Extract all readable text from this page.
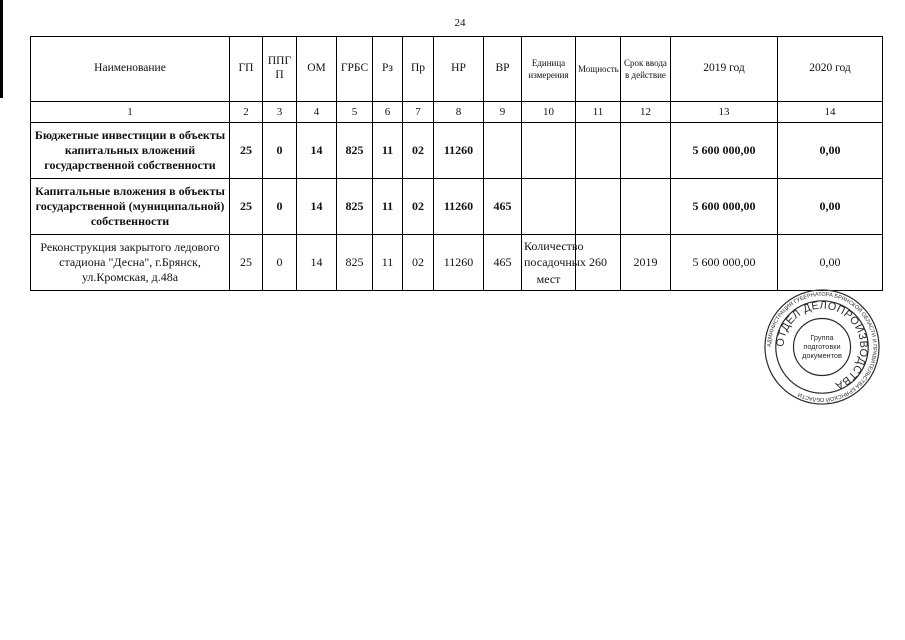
24
Наименование	ГП	ППГ П	ОМ	ГРБС	Рз	Пр	НР	ВР	Единица измерения	Мощность	Срок ввода в действие	2019 год	2020 год
1	2	3	4	5	6	7	8	9	10	11	12	13	14
Бюджетные инвестиции в объекты капитальных вложений государственной собственности	25	0	14	825	11	02	11260					5 600 000,00	0,00
Капитальные вложения в объекты государственной (муниципальной) собственности	25	0	14	825	11	02	11260	465				5 600 000,00	0,00
Реконструкция закрытого ледового стадиона "Десна", г.Брянск, ул.Кромская, д.48а	25	0	14	825	11	02	11260	465	Количество посадочных мест	260	2019	5 600 000,00	0,00
АДМИНИСТРАЦИЯ ГУБЕРНАТОРА БРЯНСКОЙ ОБЛАСТИ И ПРАВИТЕЛЬСТВА БРЯНСКОЙ ОБЛАСТИ
ОТДЕЛ ДЕЛОПРОИЗВОДСТВА
Группа
подготовки
документов
